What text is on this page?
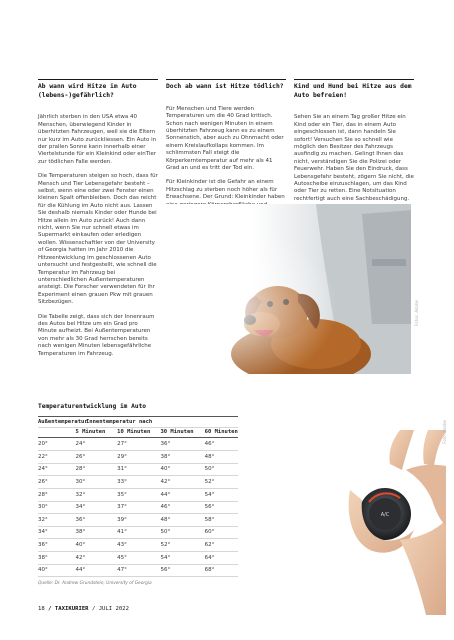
Ab wann wird Hitze im Auto (lebens-)gefährlich?

Jährlich sterben in den USA etwa 40 Menschen, überwiegend Kinder in überhitzten Fahrzeugen, weil sie die Eltern nur kurz im Auto zurückliessen. Ein Auto in der prallen Sonne kann innerhalb einer Viertelstunde für ein Kleinkind oder einTier zur tödlichen Falle werden.

Die Temperaturen steigen so hoch, dass für Mensch und Tier Lebensgefahr besteht – selbst, wenn eine oder zwei Fenster einen kleinen Spalt offenbleiben. Doch das reicht für die Kühlung im Auto nicht aus. Lassen Sie deshalb niemals Kinder oder Hunde bei Hitze allein im Auto zurück! Auch dann nicht, wenn Sie nur schnell etwas im Supermarkt einkaufen oder erledigen wollen. Wissenschaftler von der University of Georgia hatten im Jahr 2010 die Hitzeentwicklung im geschlossenen Auto untersucht und festgestellt, wie schnell die Temperatur im Fahrzeug bei unterschiedlichen Außentemperaturen ansteigt. Die Forscher verwendeten für ihr Experiment einen grauen Pkw mit grauen Sitzbezügen.

Die Tabelle zeigt, dass sich der Innenraum des Autos bei Hitze um ein Grad pro Minute aufheizt. Bei Außentemperaturen von mehr als 30 Grad herrschen bereits nach wenigen Minuten lebensgefährliche Temperaturen im Fahrzeug.

Doch ab wann ist Hitze tödlich?

Für Menschen und Tiere werden Temperaturen um die 40 Grad kritisch. Schon nach wenigen Minuten in einem überhitzten Fahrzeug kann es zu einem Sonnenstich, aber auch zu Ohnmacht oder einem Kreislaufkollaps kommen. Im schlimmsten Fall steigt die Körperkerntemperatur auf mehr als 41 Grad an und es tritt der Tod ein.

Für Kleinkinder ist die Gefahr an einem Hitzschlag zu sterben noch höher als für Erwachsene. Der Grund: Kleinkinder haben

Kind und Hund bei Hitze aus dem Auto befreien!

Sehen Sie an einem Tag großer Hitze ein Kind oder ein Tier, das in einem Auto eingeschlossen ist, dann handeln Sie sofort! Versuchen Sie so schnell wie möglich den Besitzer des Fahrzeugs ausfindig zu machen. Gelingt Ihnen das nicht, verständigen Sie die Polizei oder Feuerwehr. Haben Sie den Eindruck, dass Lebensgefahr besteht, zögern Sie nicht, die Autoscheibe einzuschlagen, um das Kind oder Tier zu retten. Eine Notsituation rechtfertigt auch eine Sachbeschädigung.

Fotos: Adobe
Temperaturentwicklung im Auto
Außentemperatur
Innentemperatur nach
5 Minuten	10 Minuten	30 Minuten	60 Minuten
20°	24°	27°	36°	46°
22°	26°	29°	38°	48°
24°	28°	31°	40°	50°
26°	30°	33°	42°	52°
28°	32°	35°	44°	54°
30°	34°	37°	46°	56°
32°	36°	39°	48°	58°
34°	38°	41°	50°	60°
36°	40°	43°	52°	62°
38°	42°	45°	54°	64°
40°	44°	47°	56°	68°
Quelle: Dr. Andrew Grundstein, University of Georgia
A/C
Foto: Adobe
18 / TAXIKURIER / JULI 2022
